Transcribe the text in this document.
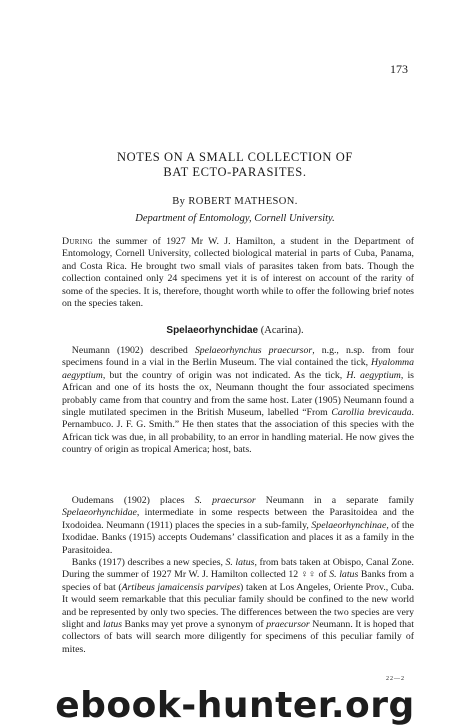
173
NOTES ON A SMALL COLLECTION OF
BAT ECTO-PARASITES.
By ROBERT MATHESON.
Department of Entomology, Cornell University.

During the summer of 1927 Mr W. J. Hamilton, a student in the Department of Entomology, Cornell University, collected biological material in parts of Cuba, Panama, and Costa Rica. He brought two small vials of parasites taken from bats. Though the collection contained only 24 specimens yet it is of interest on account of the rarity of some of the species. It is, therefore, thought worth while to offer the following brief notes on the species taken.

Spelaeorhynchidae (Acarina).

 Neumann (1902) described Spelaeorhynchus praecursor, n.g., n.sp. from four specimens found in a vial in the Berlin Museum. The vial contained the tick, Hyalomma aegyptium, but the country of origin was not indicated. As the tick, H. aegyptium, is African and one of its hosts the ox, Neumann thought the four associated specimens probably came from that country and from the same host. Later (1905) Neumann found a single mutilated specimen in the British Museum, labelled “From Carollia brevicauda. Pernambuco. J. F. G. Smith.” He then states that the association of this species with the African tick was due, in all probability, to an error in handling material. He now gives the country of origin as tropical America; host, bats.

 Oudemans (1902) places S. praecursor Neumann in a separate family Spelaeorhynchidae, intermediate in some respects between the Parasitoidea and the Ixodoidea. Neumann (1911) places the species in a sub-family, Spelaeorhynchinae, of the Ixodidae. Banks (1915) accepts Oudemans’ classification and places it as a family in the Parasitoidea.

 Banks (1917) describes a new species, S. latus, from bats taken at Obispo, Canal Zone. During the summer of 1927 Mr W. J. Hamilton collected 12 ♀♀ of S. latus Banks from a species of bat (Artibeus jamaicensis parvipes) taken at Los Angeles, Oriente Prov., Cuba. It would seem remarkable that this peculiar family should be confined to the new world and be represented by only two species. The differences between the two species are very slight and latus Banks may yet prove a synonym of praecursor Neumann. It is hoped that collectors of bats will search more diligently for specimens of this peculiar family of mites.

22—2
ebook-hunter.org
